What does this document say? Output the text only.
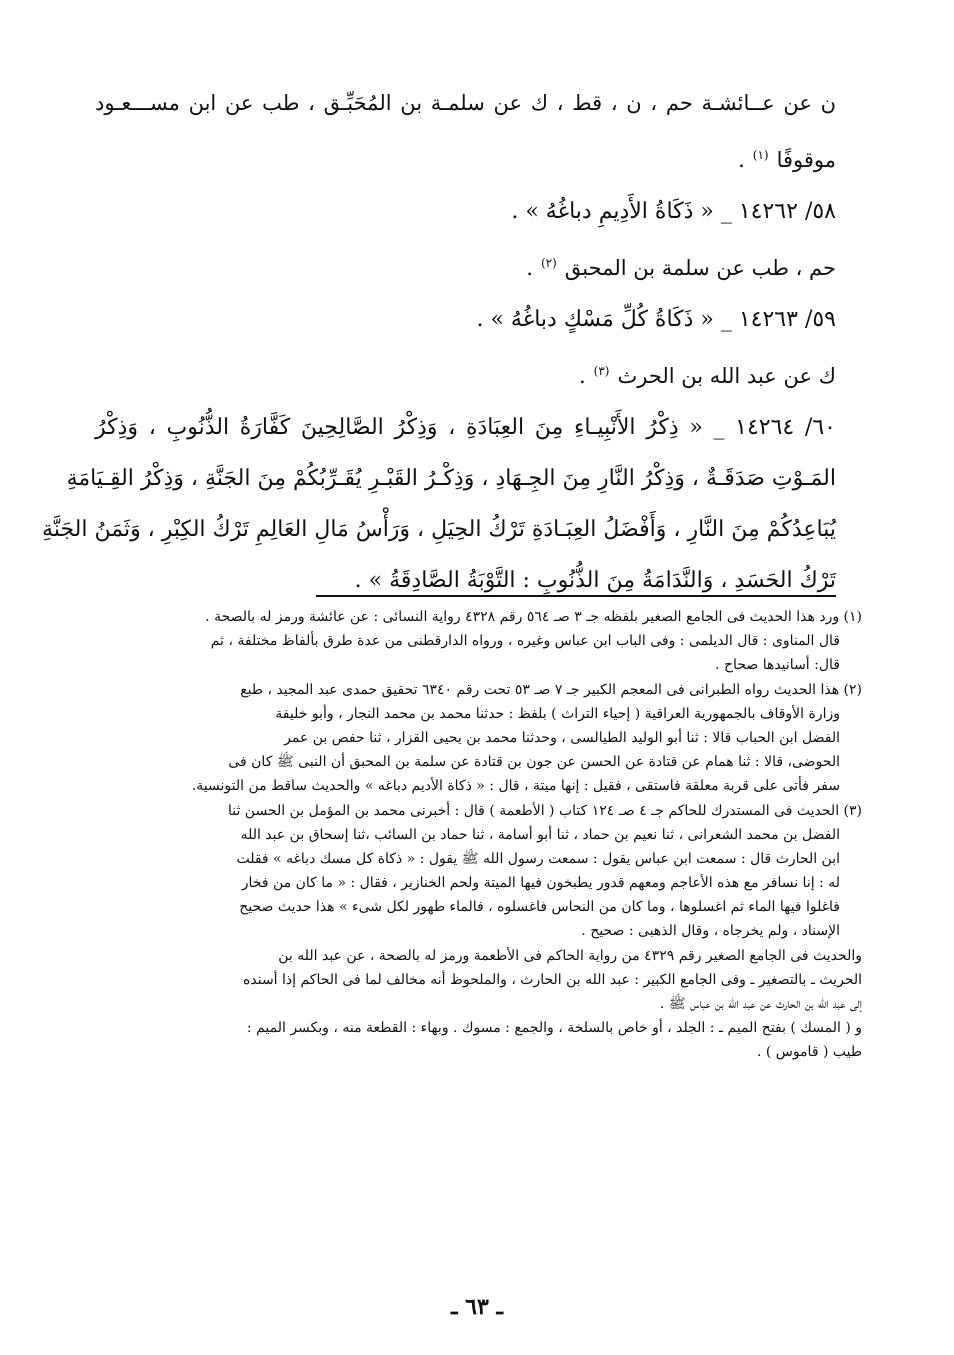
ن عن عــائشـة حم ، ن ، قط ، ك عن سلمـة بن المُحَبِّـق ، طب عن ابن مســـعـود
موقوفًا$^{(١)}$.
٥٨/ ١٤٢٦٢ _ « ذَكَاةُ الأَدِيمِ دباغُهُ » .
حم ، طب عن سلمة بن المحبق$^{(٢)}$.
٥٩/ ١٤٢٦٣ _ « ذَكَاةُ كُلِّ مَسْكٍ دباغُهُ » .
ك عن عبد الله بن الحرث$^{(٣)}$.
٦٠/ ١٤٢٦٤ _ « ذِكْرُ الأَنْبِيـاءِ مِنَ العِبَادَةِ ، وَذِكْرُ الصَّالِحِينَ كَفَّارَةُ الذُّنُوبِ ، وَذِكْرُ
المَـوْتِ صَدَقَـةٌ ، وَذِكْرُ النَّارِ مِنَ الجِـهَادِ ، وَذِكْـرُ القَبْـرِ يُقَـرِّبُكُمْ مِنَ الجَنَّةِ ، وَذِكْرُ القِـيَامَةِ
يُبَاعِدُكُمْ مِنَ النَّارِ ، وَأَفْضَلُ العِبَـادَةِ تَرْكُ الحِيَلِ ، وَرَأْسُ مَالِ العَالِمِ تَرْكُ الكِبْرِ ، وَثَمَنُ الجَنَّةِ
تَرْكُ الحَسَدِ ، وَالنَّدَامَةُ مِنَ الذُّنُوبِ : التَّوْبَةُ الصَّادِقَةُ » .
(١) ورد هذا الحديث فى الجامع الصغير بلفظه جـ ٣ صـ ٥٦٤ رقم ٤٣٢٨ رواية النسائى : عن عائشة ورمز له بالصحة .
قال المناوى : قال الديلمى : وفى الباب ابن عباس وغيره ، ورواه الدارقطنى من عدة طرق بألفاظ مختلفة ، ثم
قال: أسانيدها صحاح .
(٢) هذا الحديث رواه الطبرانى فى المعجم الكبير جـ ٧ صـ ٥٣ تحت رقم ٦٣٤٠ تحقيق حمدى عبد المجيد ، طبع
وزارة الأوقاف بالجمهورية العراقية ( إحياء التراث ) بلفظ : حدثنا محمد بن محمد النجار ، وأبو خليفة
الفضل ابن الحباب قالا : ثنا أبو الوليد الطيالسى ، وحدثنا محمد بن يحيى القزار ، ثنا حفص بن عمر
الحوضى، قالا : ثنا همام عن قتادة عن الحسن عن جون بن قتادة عن سلمة بن المحبق أن النبى ﷺ كان فى
سفر فأتى على قربة معلقة فاستقى ، فقيل : إنها ميتة ، قال : « ذكاة الأديم دباغه » والحديث ساقط من التونسية.
(٣) الحديث فى المستدرك للحاكم جـ ٤ صـ ١٢٤ كتاب ( الأطعمة ) قال : أخبرنى محمد بن المؤمل بن الحسن ثنا
الفضل بن محمد الشعرانى ، ثنا نعيم بن حماد ، ثنا أبو أسامة ، ثنا حماد بن السائب ،ثنا إسحاق بن عبد الله
ابن الحارث قال : سمعت ابن عباس يقول : سمعت رسول الله ﷺ يقول : « ذكاة كل مسك دباغه » فقلت
له : إنا نسافر مع هذه الأعاجم ومعهم قدور يطبخون فيها الميتة ولحم الخنازير ، فقال : « ما كان من فخار
فاغلوا فيها الماء ثم اغسلوها ، وما كان من النحاس فاغسلوه ، فالماء طهور لكل شىء » هذا حديث صحيح
الإسناد ، ولم يخرجاه ، وقال الذهبى : صحيح .
والحديث فى الجامع الصغير رقم ٤٣٢٩ من رواية الحاكم فى الأطعمة ورمز له بالصحة ، عن عبد الله بن
الحريث ـ بالتصغير ـ وفى الجامع الكبير : عبد الله بن الحارث ، والملحوظ أنه مخالف لما فى الحاكم إذا أسنده
إلى عبد الله بن الحارث عن عبد الله بن عباس ﷺ .
و ( المسك ) بفتح الميم ـ : الجلد ، أو خاص بالسلخة ، والجمع : مسوك . وبهاء : القطعة منه ، وبكسر الميم :
طيب ( قاموس ) .
ـ ٦٣ ـ
